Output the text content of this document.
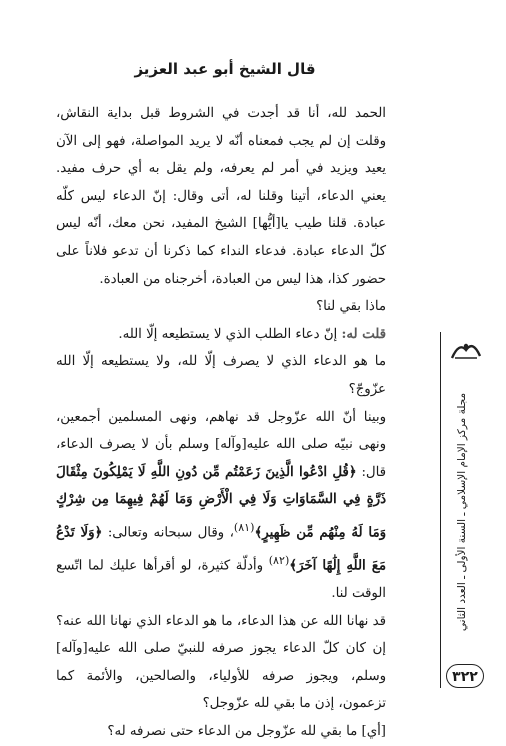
قال الشيخ أبو عبد العزيز

الحمد لله، أنا قد أجدت في الشروط قبل بداية النقاش، وقلت إن لم يجب فمعناه أنّه لا يريد المواصلة، فهو إلى الآن يعيد ويزيد في أمر لم يعرفه، ولم يقل به أي حرف مفيد. يعني الدعاء، أتينا وقلنا له، أتى وقال: إنّ الدعاء ليس كلّه عبادة. قلنا طيب يا[أيُّها] الشيخ المفيد، نحن معك، أنّه ليس كلّ الدعاء عبادة. فدعاء النداء كما ذكرنا أن تدعو فلاناً على حضور كذا، هذا ليس من العبادة، أخرجناه من العبادة.

ماذا بقي لنا؟

قلت له: إنّ دعاء الطلب الذي لا يستطيعه إلّا الله.

ما هو الدعاء الذي لا يصرف إلّا لله، ولا يستطيعه إلّا الله عزّوجّ؟

وبينا أنّ الله عزّوجل قد نهاهم، ونهى المسلمين أجمعين، ونهى نبيّه صلى الله عليه[وآله] وسلم بأن لا يصرف الدعاء، قال: ﴿قُلِ ادْعُوا الَّذِينَ زَعَمْتُم مِّن دُونِ اللَّهِ لَا يَمْلِكُونَ مِثْقَالَ ذَرَّةٍ فِي السَّمَاوَاتِ وَلَا فِي الْأَرْضِ وَمَا لَهُمْ فِيهِمَا مِن شِرْكٍ وَمَا لَهُ مِنْهُم مِّن ظَهِيرٍ﴾$^{(٨١)}$، وقال سبحانه وتعالى: ﴿وَلَا تَدْعُ مَعَ اللَّهِ إِلَٰهًا آخَرَ﴾$^{(٨٢)}$ وأدلّة كثيرة، لو أقرأها عليك لما اتّسع الوقت لنا.

قد نهانا الله عن هذا الدعاء، ما هو الدعاء الذي نهانا الله عنه؟ إن كان كلّ الدعاء يجوز صرفه للنبيّ صلى الله عليه[وآله] وسلم، ويجوز صرفه للأولياء، والصالحين، والأئمة كما تزعمون، إذن ما بقي لله عزّوجل؟

[أي] ما بقي لله عزّوجل من الدعاء حتى نصرفه له؟

مجلة مركز الإمام الإسلامي ـ السنة الأولى ـ العدد الثاني
٣٢٢
